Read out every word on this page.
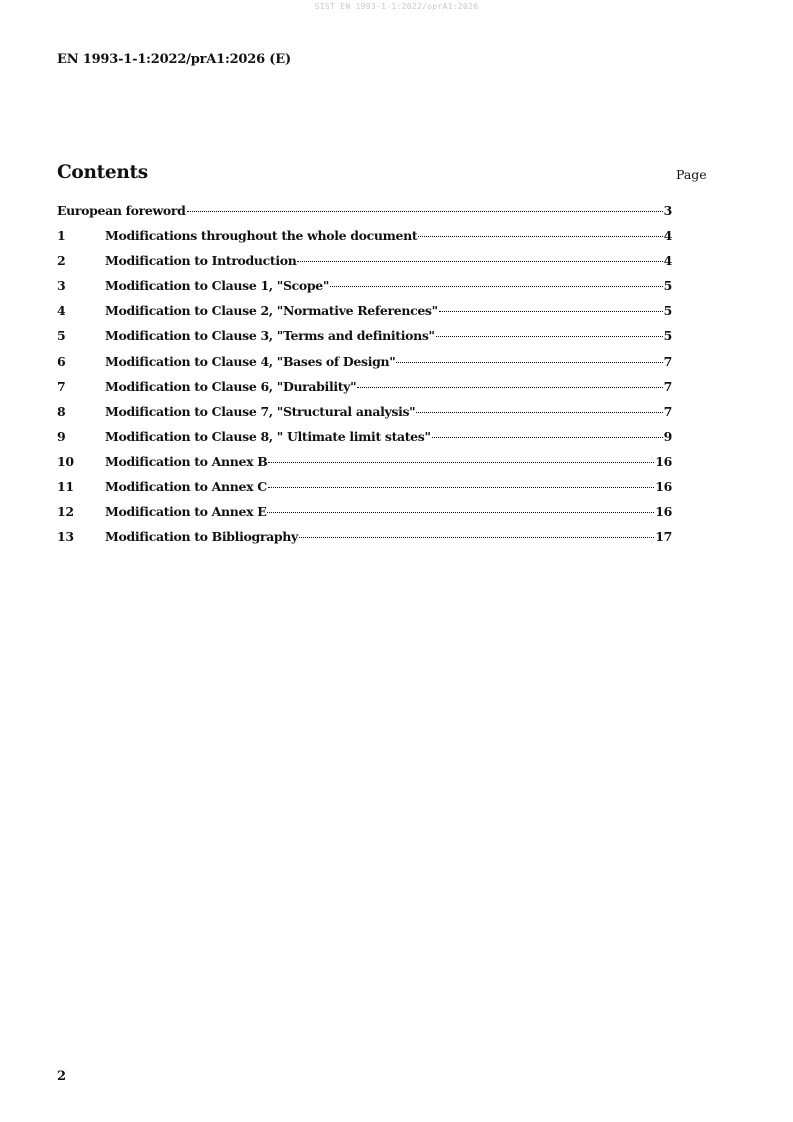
SIST EN 1993-1-1:2022/oprA1:2026
EN 1993-1-1:2022/prA1:2026 (E)
Contents	Page
European foreword	3
1	Modifications throughout the whole document	4
2	Modification to Introduction	4
3	Modification to Clause 1, "Scope"	5
4	Modification to Clause 2, "Normative References"	5
5	Modification to Clause 3, "Terms and definitions"	5
6	Modification to Clause 4, "Bases of Design"	7
7	Modification to Clause 6, "Durability"	7
8	Modification to Clause 7, "Structural analysis"	7
9	Modification to Clause 8, " Ultimate limit states"	9
10	Modification to Annex B	16
11	Modification to Annex C	16
12	Modification to Annex E	16
13	Modification to Bibliography	17
2
